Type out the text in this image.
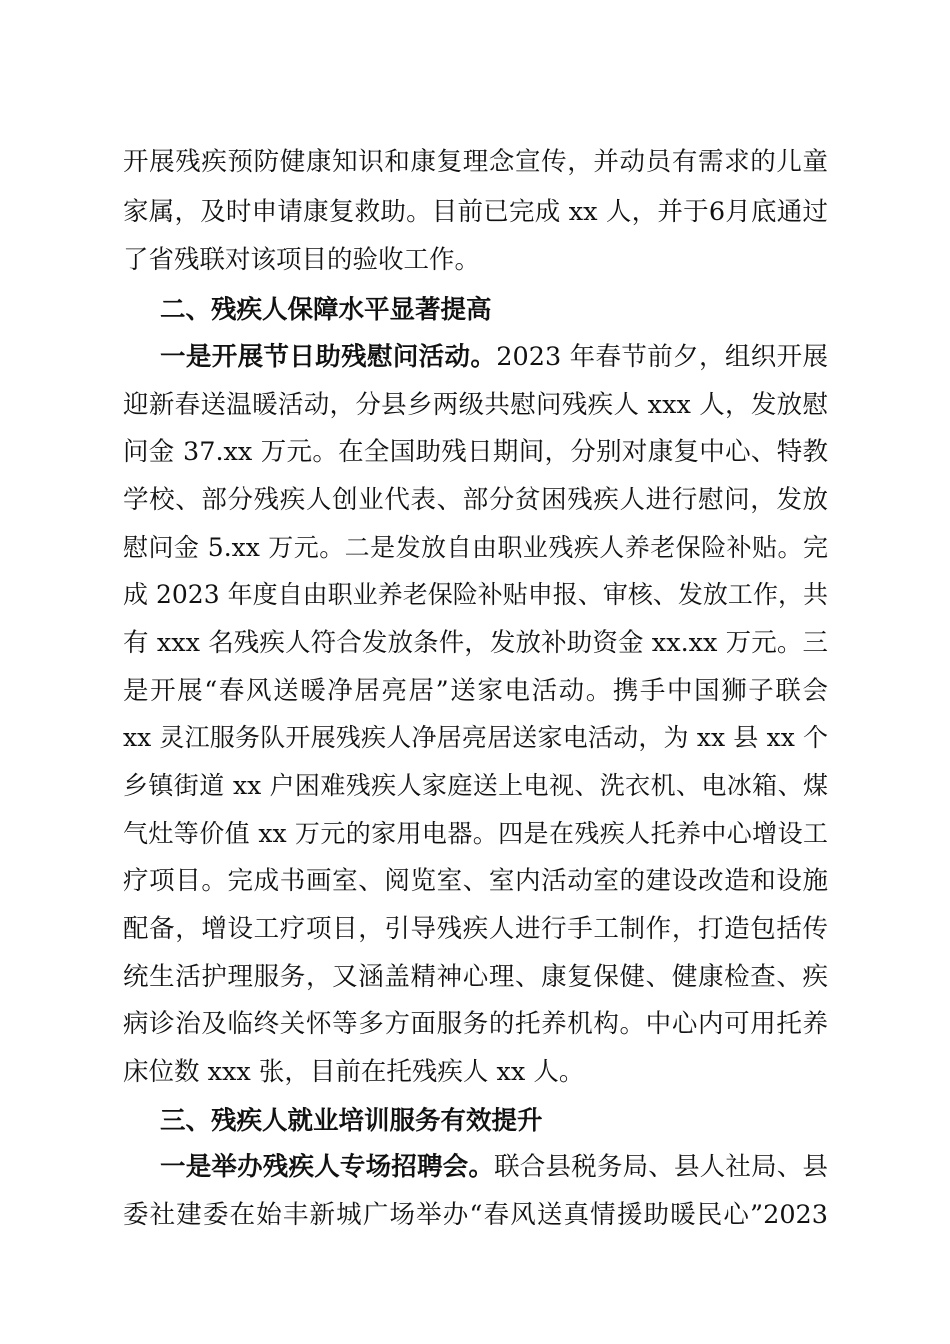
开展残疾预防健康知识和康复理念宣传，并动员有需求的儿童
家属，及时申请康复救助。目前已完成 xx 人，并于6月底通过
了省残联对该项目的验收工作。
二、残疾人保障水平显著提高
一是开展节日助残慰问活动。2023 年春节前夕，组织开展
迎新春送温暖活动，分县乡两级共慰问残疾人 xxx 人，发放慰
问金 37.xx 万元。在全国助残日期间，分别对康复中心、特教
学校、部分残疾人创业代表、部分贫困残疾人进行慰问，发放
慰问金 5.xx 万元。二是发放自由职业残疾人养老保险补贴。完
成 2023 年度自由职业养老保险补贴申报、审核、发放工作，共
有 xxx 名残疾人符合发放条件，发放补助资金 xx.xx 万元。三
是开展“春风送暖净居亮居”送家电活动。携手中国狮子联会
xx 灵江服务队开展残疾人净居亮居送家电活动，为 xx 县 xx 个
乡镇街道 xx 户困难残疾人家庭送上电视、洗衣机、电冰箱、煤
气灶等价值 xx 万元的家用电器。四是在残疾人托养中心增设工
疗项目。完成书画室、阅览室、室内活动室的建设改造和设施
配备，增设工疗项目，引导残疾人进行手工制作，打造包括传
统生活护理服务，又涵盖精神心理、康复保健、健康检查、疾
病诊治及临终关怀等多方面服务的托养机构。中心内可用托养
床位数 xxx 张，目前在托残疾人 xx 人。
三、残疾人就业培训服务有效提升
一是举办残疾人专场招聘会。联合县税务局、县人社局、县
委社建委在始丰新城广场举办“春风送真情援助暖民心”2023
